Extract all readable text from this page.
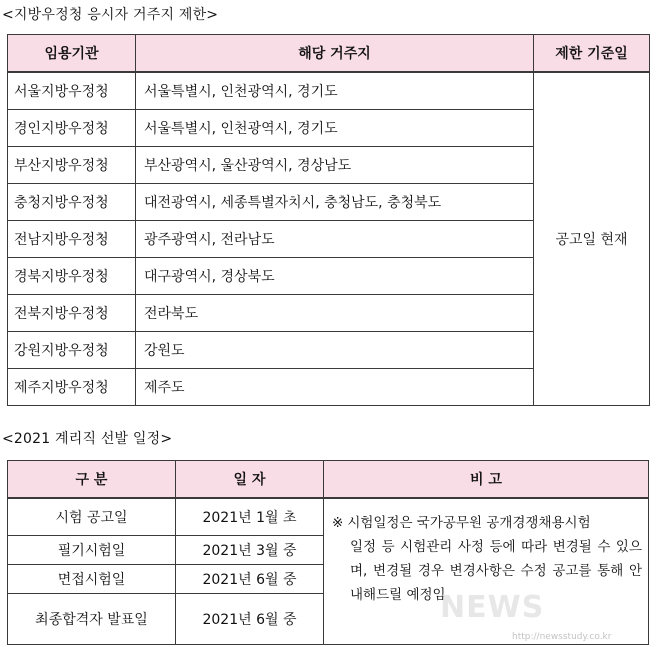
<지방우정청 응시자 거주지 제한>
임용기관	해당 거주지	제한 기준일
서울지방우정청	서울특별시, 인천광역시, 경기도	공고일 현재
경인지방우정청	서울특별시, 인천광역시, 경기도	
부산지방우정청	부산광역시, 울산광역시, 경상남도	
충청지방우정청	대전광역시, 세종특별자치시, 충청남도, 충청북도	
전남지방우정청	광주광역시, 전라남도	
경북지방우정청	대구광역시, 경상북도	
전북지방우정청	전라북도	
강원지방우정청	강원도	
제주지방우정청	제주도	
<2021 계리직 선발 일정>
구 분	일 자	비 고
시험 공고일	2021년 1월 초	※ 시험일정은 국가공무원 공개경쟁채용시험

일정 등 시험관리 사정 등에 따라 변경될 수 있으며, 변경될 경우 변경사항은 수정 공고를 통해 안내해드릴 예정임

필기시험일	2021년 3월 중	
면접시험일	2021년 6월 중	
최종합격자 발표일	2021년 6월 중		NEWS
http://newsstudy.co.kr
